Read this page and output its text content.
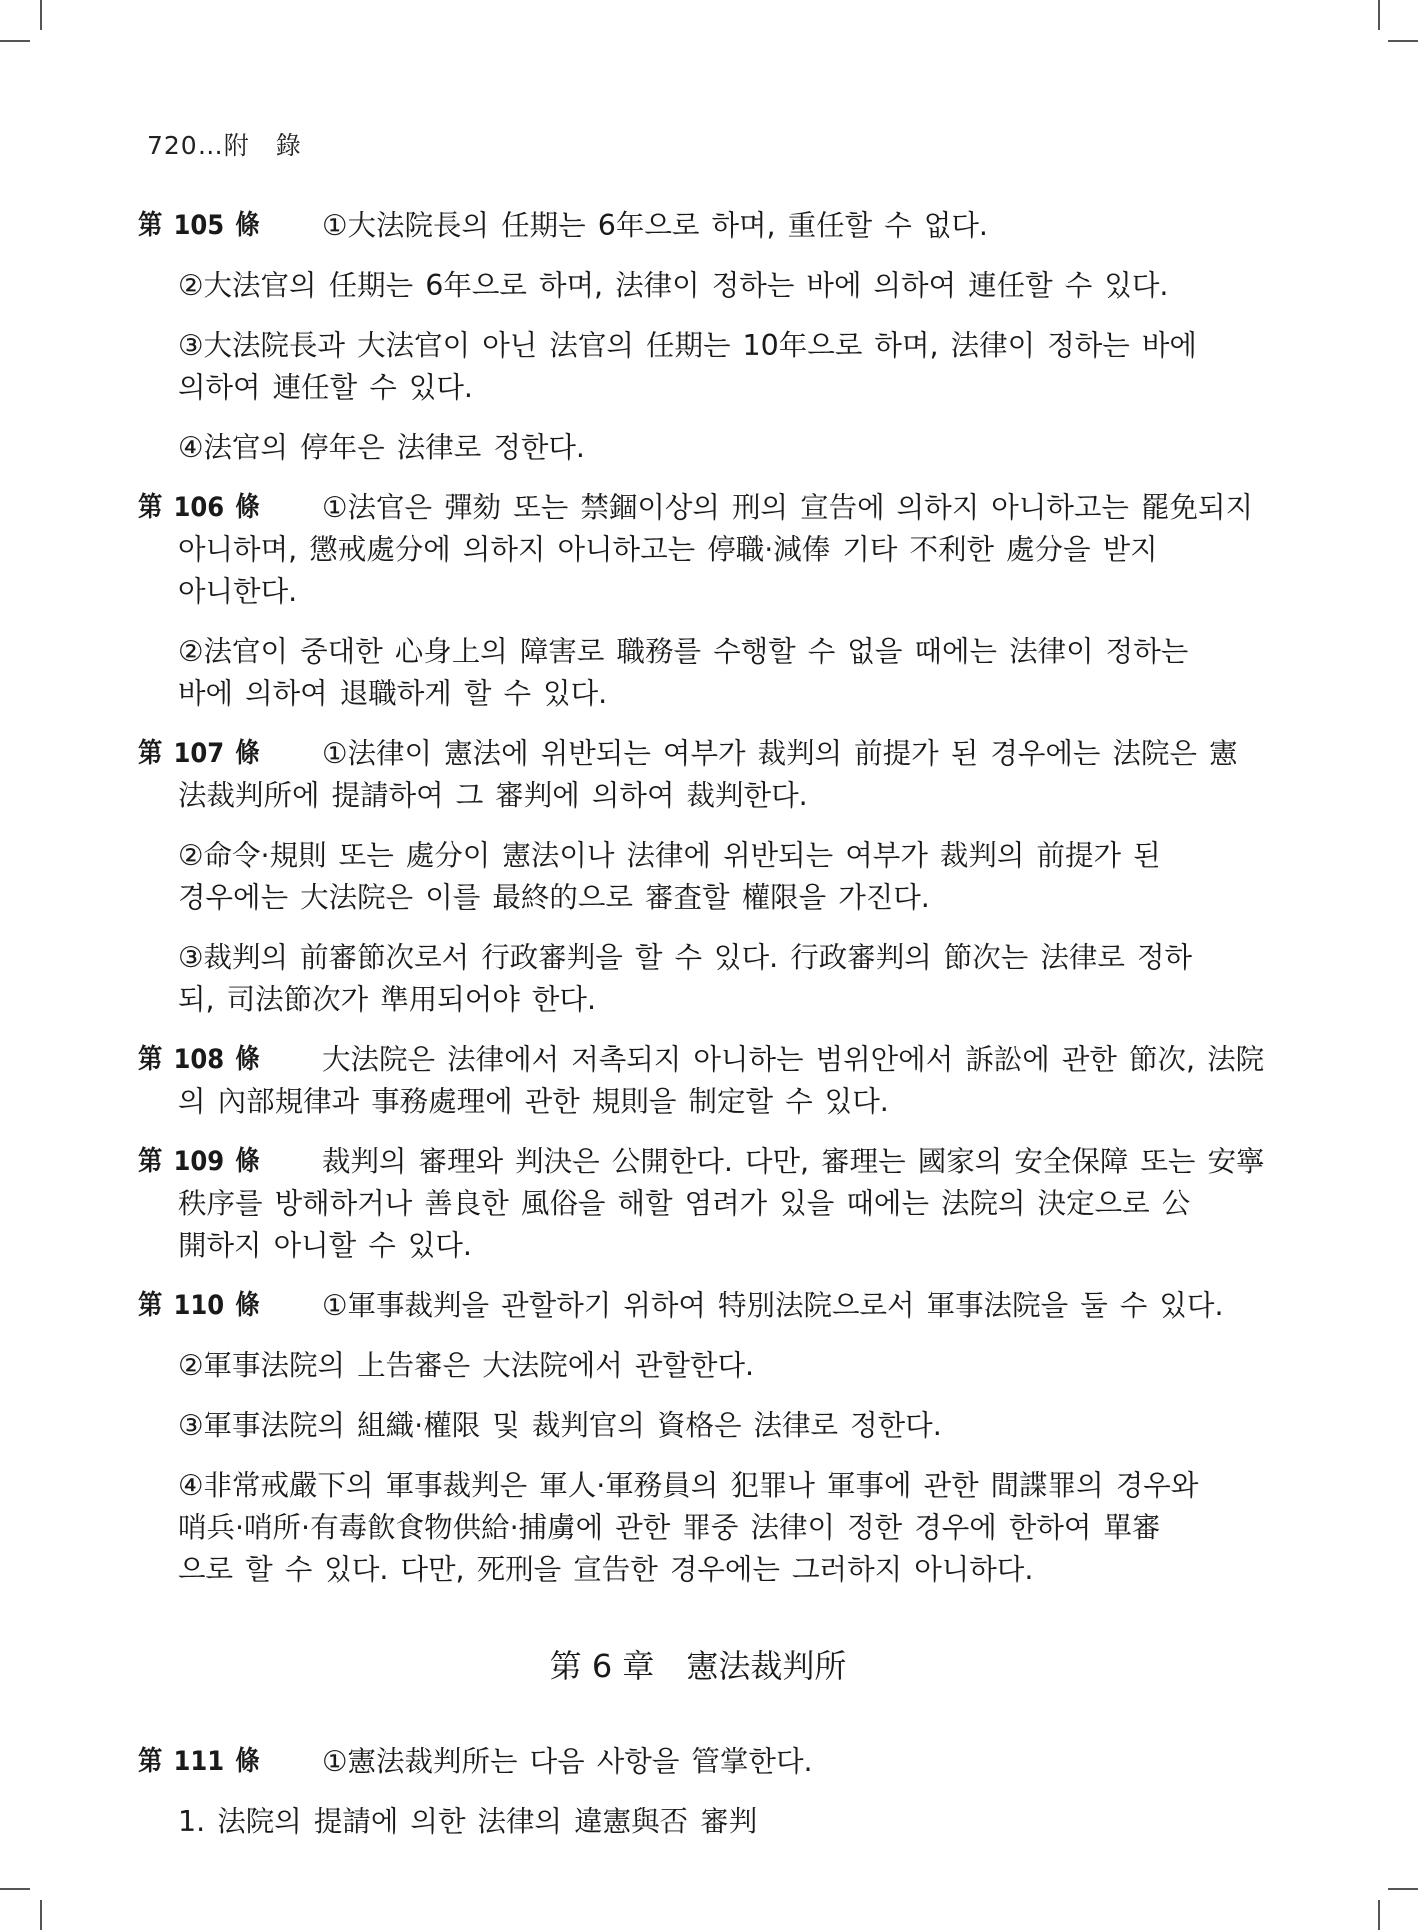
720…附　錄
第 105 條 ①大法院長의 任期는 6年으로 하며, 重任할 수 없다.
②大法官의 任期는 6年으로 하며, 法律이 정하는 바에 의하여 連任할 수 있다.
③大法院長과 大法官이 아닌 法官의 任期는 10年으로 하며, 法律이 정하는 바에
의하여 連任할 수 있다.
④法官의 停年은 法律로 정한다.
第 106 條 ①法官은 彈劾 또는 禁錮이상의 刑의 宣告에 의하지 아니하고는 罷免되지
아니하며, 懲戒處分에 의하지 아니하고는 停職·減俸 기타 不利한 處分을 받지
아니한다.
②法官이 중대한 心身上의 障害로 職務를 수행할 수 없을 때에는 法律이 정하는
바에 의하여 退職하게 할 수 있다.
第 107 條 ①法律이 憲法에 위반되는 여부가 裁判의 前提가 된 경우에는 法院은 憲
法裁判所에 提請하여 그 審判에 의하여 裁判한다.
②命令·規則 또는 處分이 憲法이나 法律에 위반되는 여부가 裁判의 前提가 된
경우에는 大法院은 이를 最終的으로 審査할 權限을 가진다.
③裁判의 前審節次로서 行政審判을 할 수 있다. 行政審判의 節次는 法律로 정하
되, 司法節次가 準用되어야 한다.
第 108 條 大法院은 法律에서 저촉되지 아니하는 범위안에서 訴訟에 관한 節次, 法院
의 內部規律과 事務處理에 관한 規則을 制定할 수 있다.
第 109 條 裁判의 審理와 判決은 公開한다. 다만, 審理는 國家의 安全保障 또는 安寧
秩序를 방해하거나 善良한 風俗을 해할 염려가 있을 때에는 法院의 決定으로 公
開하지 아니할 수 있다.
第 110 條 ①軍事裁判을 관할하기 위하여 特別法院으로서 軍事法院을 둘 수 있다.
②軍事法院의 上告審은 大法院에서 관할한다.
③軍事法院의 組織·權限 및 裁判官의 資格은 法律로 정한다.
④非常戒嚴下의 軍事裁判은 軍人·軍務員의 犯罪나 軍事에 관한 間諜罪의 경우와
哨兵·哨所·有毒飮食物供給·捕虜에 관한 罪중 法律이 정한 경우에 한하여 單審
으로 할 수 있다. 다만, 死刑을 宣告한 경우에는 그러하지 아니하다.
第 6 章　憲法裁判所
第 111 條 ①憲法裁判所는 다음 사항을 管掌한다.
1. 法院의 提請에 의한 法律의 違憲與否 審判
